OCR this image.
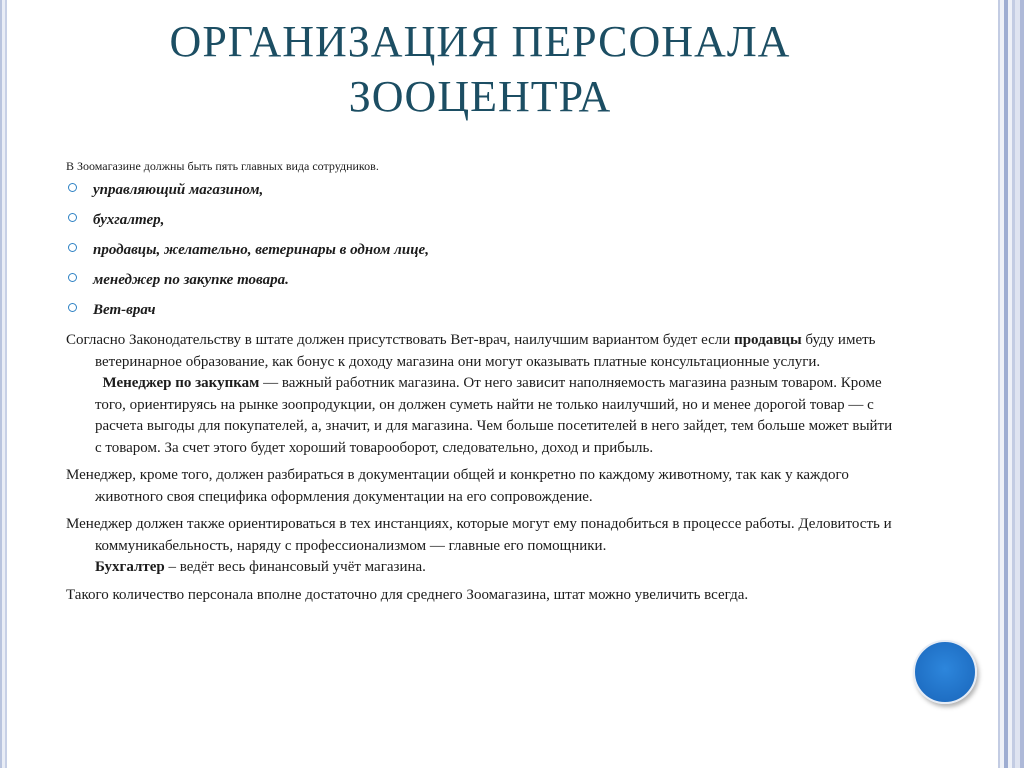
ОРГАНИЗАЦИЯ ПЕРСОНАЛА
ЗООЦЕНТРА

В Зоомагазине должны быть пять главных вида сотрудников.

управляющий магазином,
бухгалтер,
продавцы, желательно, ветеринары в одном лице,
менеджер по закупке товара.
Вет-врач

Согласно Законодательству в штате должен присутствовать Вет-врач, наилучшим вариантом будет если продавцы буду иметь ветеринарное образование, как бонус к доходу магазина они могут оказывать платные консультационные услуги.
Менеджер по закупкам — важный работник магазина. От него зависит наполняемость магазина разным товаром. Кроме того, ориентируясь на рынке зоопродукции, он должен суметь найти не только наилучший, но и менее дорогой товар — с расчета выгоды для покупателей, а, значит, и для магазина. Чем больше посетителей в него зайдет, тем больше может выйти с товаром. За счет этого будет хороший товарооборот, следовательно, доход и прибыль.

Менеджер, кроме того, должен разбираться в документации общей и конкретно по каждому животному, так как у каждого животного своя специфика оформления документации на его сопровождение.

Менеджер должен также ориентироваться в тех инстанциях, которые могут ему понадобиться в процессе работы. Деловитость и коммуникабельность, наряду с профессионализмом — главные его помощники.
Бухгалтер – ведёт весь финансовый учёт магазина.

Такого количество персонала вполне достаточно для среднего Зоомагазина, штат можно увеличить всегда.
